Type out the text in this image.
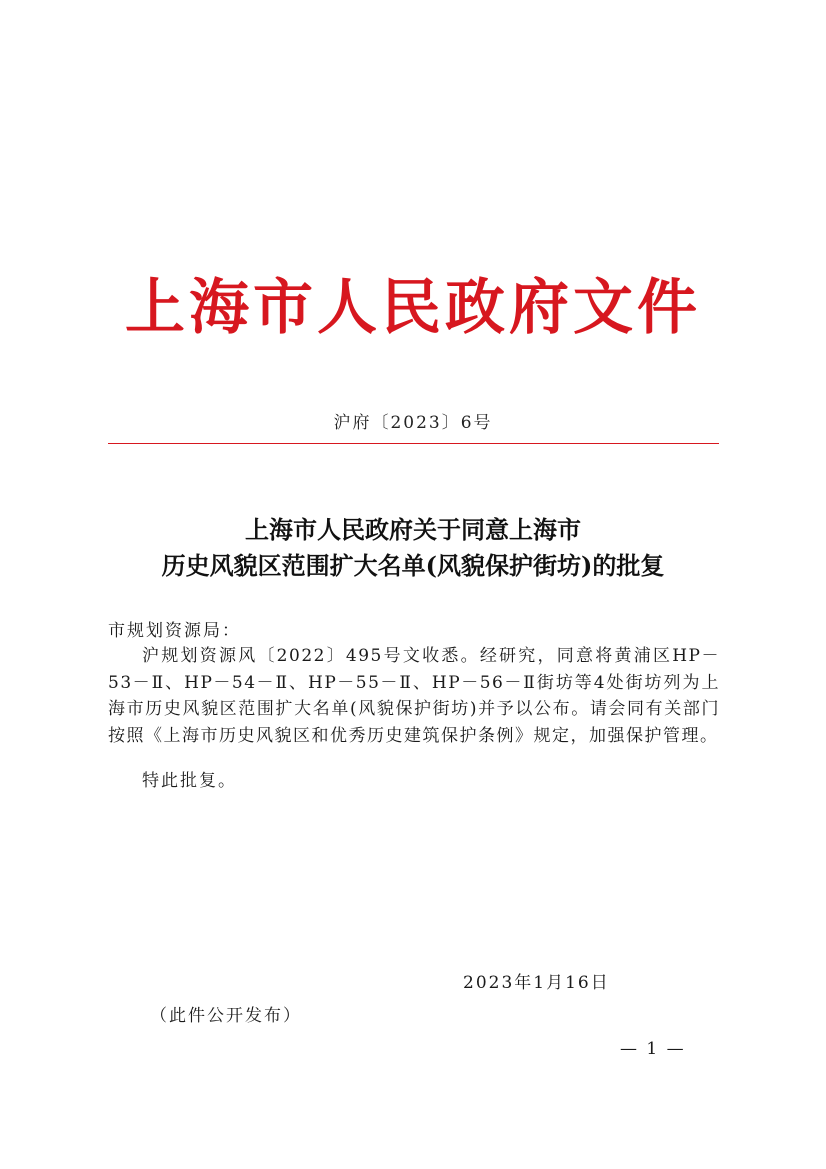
上海市人民政府文件
沪府〔2023〕6号
上海市人民政府关于同意上海市
历史风貌区范围扩大名单(风貌保护街坊)的批复
市规划资源局：
沪规划资源风〔2022〕495号文收悉。经研究，同意将黄浦区HP－53－Ⅱ、HP－54－Ⅱ、HP－55－Ⅱ、HP－56－Ⅱ街坊等4处街坊列为上海市历史风貌区范围扩大名单(风貌保护街坊)并予以公布。请会同有关部门按照《上海市历史风貌区和优秀历史建筑保护条例》规定，加强保护管理。
特此批复。
2023年1月16日
（此件公开发布）
— 1 —
